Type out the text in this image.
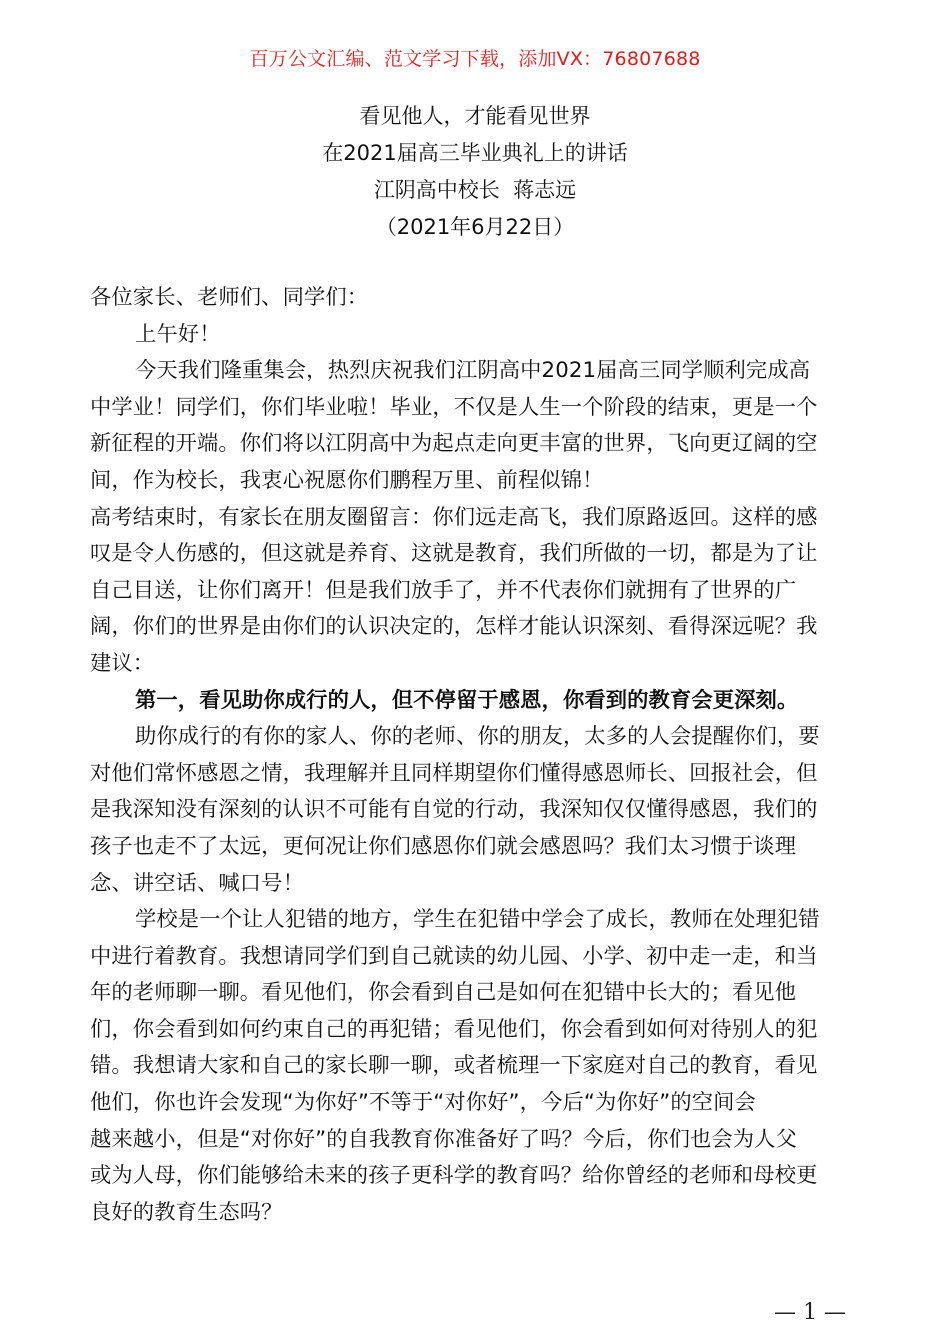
百万公文汇编、范文学习下载，添加VX：76807688
看见他人，才能看见世界
在2021届高三毕业典礼上的讲话
江阴高中校长  蒋志远
（2021年6月22日）
各位家长、老师们、同学们：
上午好！
今天我们隆重集会，热烈庆祝我们江阴高中2021届高三同学顺利完成高
中学业！同学们，你们毕业啦！毕业，不仅是人生一个阶段的结束，更是一个
新征程的开端。你们将以江阴高中为起点走向更丰富的世界，飞向更辽阔的空
间，作为校长，我衷心祝愿你们鹏程万里、前程似锦！
高考结束时，有家长在朋友圈留言：你们远走高飞，我们原路返回。这样的感
叹是令人伤感的，但这就是养育、这就是教育，我们所做的一切，都是为了让
自己目送，让你们离开！但是我们放手了，并不代表你们就拥有了世界的广
阔，你们的世界是由你们的认识决定的，怎样才能认识深刻、看得深远呢？我
建议：
第一，看见助你成行的人，但不停留于感恩，你看到的教育会更深刻。
助你成行的有你的家人、你的老师、你的朋友，太多的人会提醒你们，要
对他们常怀感恩之情，我理解并且同样期望你们懂得感恩师长、回报社会，但
是我深知没有深刻的认识不可能有自觉的行动，我深知仅仅懂得感恩，我们的
孩子也走不了太远，更何况让你们感恩你们就会感恩吗？我们太习惯于谈理
念、讲空话、喊口号！
学校是一个让人犯错的地方，学生在犯错中学会了成长，教师在处理犯错
中进行着教育。我想请同学们到自己就读的幼儿园、小学、初中走一走，和当
年的老师聊一聊。看见他们，你会看到自己是如何在犯错中长大的；看见他
们，你会看到如何约束自己的再犯错；看见他们，你会看到如何对待别人的犯
错。我想请大家和自己的家长聊一聊，或者梳理一下家庭对自己的教育，看见
他们，你也许会发现“为你好”不等于“对你好”，今后“为你好”的空间会
越来越小，但是“对你好”的自我教育你准备好了吗？今后，你们也会为人父
或为人母，你们能够给未来的孩子更科学的教育吗？给你曾经的老师和母校更
良好的教育生态吗？
— 1 —
